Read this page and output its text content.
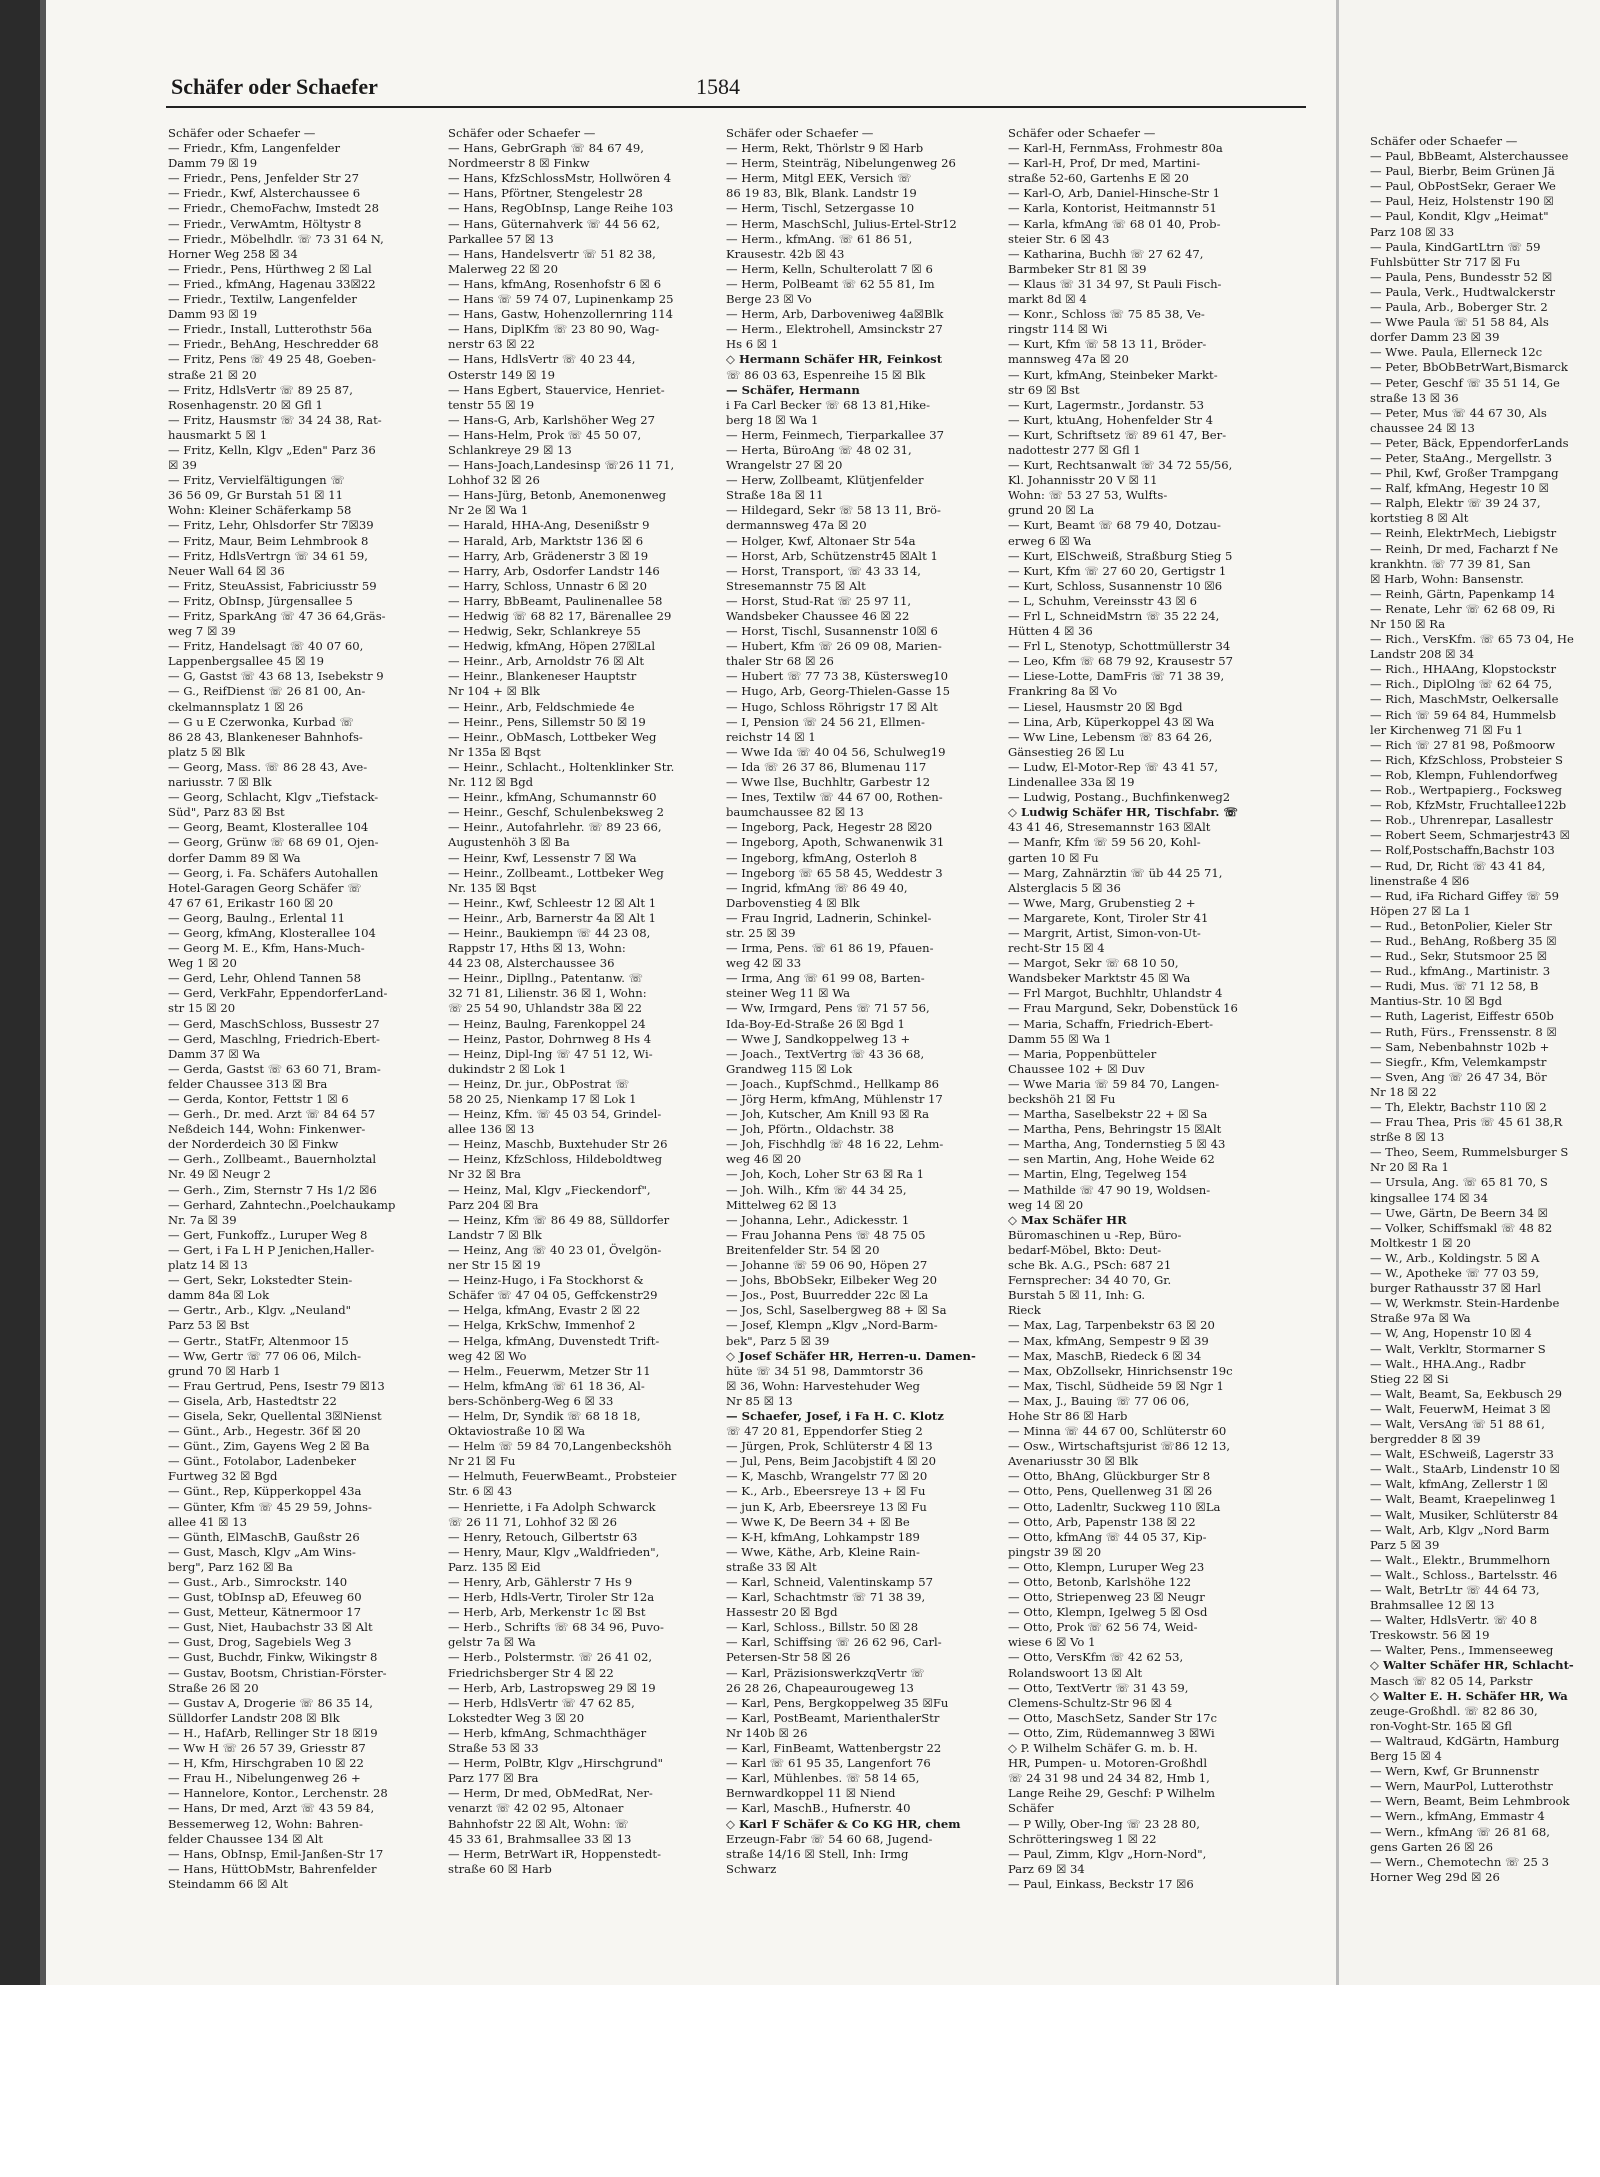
Schäfer oder Schaefer	1584
Schäfer oder Schaefer —
— Friedr., Kfm, Langenfelder
Damm 79 ☒ 19
— Friedr., Pens, Jenfelder Str 27
— Friedr., Kwf, Alsterchaussee 6
— Friedr., ChemoFachw, Imstedt 28
— Friedr., VerwAmtm, Höltystr 8
— Friedr., Möbelhdlr. ☏ 73 31 64 N,
Horner Weg 258 ☒ 34
— Friedr., Pens, Hürthweg 2 ☒ Lal
— Fried., kfmAng, Hagenau 33☒22
— Friedr., Textilw, Langenfelder
Damm 93 ☒ 19
— Friedr., Install, Lutterothstr 56a
— Friedr., BehAng, Heschredder 68
— Fritz, Pens ☏ 49 25 48, Goeben-
straße 21 ☒ 20
— Fritz, HdlsVertr ☏ 89 25 87,
Rosenhagenstr. 20 ☒ Gfl 1
— Fritz, Hausmstr ☏ 34 24 38, Rat-
hausmarkt 5 ☒ 1
— Fritz, Kelln, Klgv „Eden" Parz 36
☒ 39
— Fritz, Vervielfältigungen ☏
36 56 09, Gr Burstah 51 ☒ 11
Wohn: Kleiner Schäferkamp 58
— Fritz, Lehr, Ohlsdorfer Str 7☒39
— Fritz, Maur, Beim Lehmbrook 8
— Fritz, HdlsVertrgn ☏ 34 61 59,
Neuer Wall 64 ☒ 36
— Fritz, SteuAssist, Fabriciusstr 59
— Fritz, ObInsp, Jürgensallee 5
— Fritz, SparkAng ☏ 47 36 64,Gräs-
weg 7 ☒ 39
— Fritz, Handelsagt ☏ 40 07 60,
Lappenbergsallee 45 ☒ 19
— G, Gastst ☏ 43 68 13, Isebekstr 9
— G., ReifDienst ☏ 26 81 00, An-
ckelmannsplatz 1 ☒ 26
— G u E Czerwonka, Kurbad ☏
86 28 43, Blankeneser Bahnhofs-
platz 5 ☒ Blk
— Georg, Mass. ☏ 86 28 43, Ave-
nariusstr. 7 ☒ Blk
— Georg, Schlacht, Klgv „Tiefstack-
Süd", Parz 83 ☒ Bst
— Georg, Beamt, Klosterallee 104
— Georg, Grünw ☏ 68 69 01, Ojen-
dorfer Damm 89 ☒ Wa
— Georg, i. Fa. Schäfers Autohallen
Hotel-Garagen Georg Schäfer ☏
47 67 61, Erikastr 160 ☒ 20
— Georg, Baulng., Erlental 11
— Georg, kfmAng, Klosterallee 104
— Georg M. E., Kfm, Hans-Much-
Weg 1 ☒ 20
— Gerd, Lehr, Ohlend Tannen 58
— Gerd, VerkFahr, EppendorferLand-
str 15 ☒ 20
— Gerd, MaschSchloss, Bussestr 27
— Gerd, Maschlng, Friedrich-Ebert-
Damm 37 ☒ Wa
— Gerda, Gastst ☏ 63 60 71, Bram-
felder Chaussee 313 ☒ Bra
— Gerda, Kontor, Fettstr 1 ☒ 6
— Gerh., Dr. med. Arzt ☏ 84 64 57
Neßdeich 144, Wohn: Finkenwer-
der Norderdeich 30 ☒ Finkw
— Gerh., Zollbeamt., Bauernholztal
Nr. 49 ☒ Neugr 2
— Gerh., Zim, Sternstr 7 Hs 1/2 ☒6
— Gerhard, Zahntechn.,Poelchaukamp
Nr. 7a ☒ 39
— Gert, Funkoffz., Luruper Weg 8
— Gert, i Fa L H P Jenichen,Haller-
platz 14 ☒ 13
— Gert, Sekr, Lokstedter Stein-
damm 84a ☒ Lok
— Gertr., Arb., Klgv. „Neuland"
Parz 53 ☒ Bst
— Gertr., StatFr, Altenmoor 15
— Ww, Gertr ☏ 77 06 06, Milch-
grund 70 ☒ Harb 1
— Frau Gertrud, Pens, Isestr 79 ☒13
— Gisela, Arb, Hastedtstr 22
— Gisela, Sekr, Quellental 3☒Nienst
— Günt., Arb., Hegestr. 36f ☒ 20
— Günt., Zim, Gayens Weg 2 ☒ Ba
— Günt., Fotolabor, Ladenbeker
Furtweg 32 ☒ Bgd
— Günt., Rep, Küpperkoppel 43a
— Günter, Kfm ☏ 45 29 59, Johns-
allee 41 ☒ 13
— Günth, ElMaschB, Gaußstr 26
— Gust, Masch, Klgv „Am Wins-
berg", Parz 162 ☒ Ba
— Gust., Arb., Simrockstr. 140
— Gust, tObInsp aD, Efeuweg 60
— Gust, Metteur, Kätnermoor 17
— Gust, Niet, Haubachstr 33 ☒ Alt
— Gust, Drog, Sagebiels Weg 3
— Gust, Buchdr, Finkw, Wikingstr 8
— Gustav, Bootsm, Christian-Förster-
Straße 26 ☒ 20
— Gustav A, Drogerie ☏ 86 35 14,
Sülldorfer Landstr 208 ☒ Blk
— H., HafArb, Rellinger Str 18 ☒19
— Ww H ☏ 26 57 39, Griesstr 87
— H, Kfm, Hirschgraben 10 ☒ 22
— Frau H., Nibelungenweg 26 +
— Hannelore, Kontor., Lerchenstr. 28
— Hans, Dr med, Arzt ☏ 43 59 84,
Bessemerweg 12, Wohn: Bahren-
felder Chaussee 134 ☒ Alt
— Hans, ObInsp, Emil-Janßen-Str 17
— Hans, HüttObMstr, Bahrenfelder
Steindamm 66 ☒ Alt
Schäfer oder Schaefer —
— Hans, GebrGraph ☏ 84 67 49,
Nordmeerstr 8 ☒ Finkw
— Hans, KfzSchlossMstr, Hollwören 4
— Hans, Pförtner, Stengelestr 28
— Hans, RegObInsp, Lange Reihe 103
— Hans, Güternahverk ☏ 44 56 62,
Parkallee 57 ☒ 13
— Hans, Handelsvertr ☏ 51 82 38,
Malerweg 22 ☒ 20
— Hans, kfmAng, Rosenhofstr 6 ☒ 6
— Hans ☏ 59 74 07, Lupinenkamp 25
— Hans, Gastw, Hohenzollernring 114
— Hans, DiplKfm ☏ 23 80 90, Wag-
nerstr 63 ☒ 22
— Hans, HdlsVertr ☏ 40 23 44,
Osterstr 149 ☒ 19
— Hans Egbert, Stauervice, Henriet-
tenstr 55 ☒ 19
— Hans-G, Arb, Karlshöher Weg 27
— Hans-Helm, Prok ☏ 45 50 07,
Schlankreye 29 ☒ 13
— Hans-Joach,Landesinsp ☏26 11 71,
Lohhof 32 ☒ 26
— Hans-Jürg, Betonb, Anemonenweg
Nr 2e ☒ Wa 1
— Harald, HHA-Ang, Desenißstr 9
— Harald, Arb, Marktstr 136 ☒ 6
— Harry, Arb, Grädenerstr 3 ☒ 19
— Harry, Arb, Osdorfer Landstr 146
— Harry, Schloss, Unnastr 6 ☒ 20
— Harry, BbBeamt, Paulinenallee 58
— Hedwig ☏ 68 82 17, Bärenallee 29
— Hedwig, Sekr, Schlankreye 55
— Hedwig, kfmAng, Höpen 27☒Lal
— Heinr., Arb, Arnoldstr 76 ☒ Alt
— Heinr., Blankeneser Hauptstr
Nr 104 + ☒ Blk
— Heinr., Arb, Feldschmiede 4e
— Heinr., Pens, Sillemstr 50 ☒ 19
— Heinr., ObMasch, Lottbeker Weg
Nr 135a ☒ Bqst
— Heinr., Schlacht., Holtenklinker Str.
Nr. 112 ☒ Bgd
— Heinr., kfmAng, Schumannstr 60
— Heinr., Geschf, Schulenbeksweg 2
— Heinr., Autofahrlehr. ☏ 89 23 66,
Augustenhöh 3 ☒ Ba
— Heinr, Kwf, Lessenstr 7 ☒ Wa
— Heinr., Zollbeamt., Lottbeker Weg
Nr. 135 ☒ Bqst
— Heinr., Kwf, Schleestr 12 ☒ Alt 1
— Heinr., Arb, Barnerstr 4a ☒ Alt 1
— Heinr., Baukiempn ☏ 44 23 08,
Rappstr 17, Hths ☒ 13, Wohn:
44 23 08, Alsterchaussee 36
— Heinr., Dipllng., Patentanw. ☏
32 71 81, Lilienstr. 36 ☒ 1, Wohn:
☏ 25 54 90, Uhlandstr 38a ☒ 22
— Heinz, Baulng, Farenkoppel 24
— Heinz, Pastor, Dohrnweg 8 Hs 4
— Heinz, Dipl-Ing ☏ 47 51 12, Wi-
dukindstr 2 ☒ Lok 1
— Heinz, Dr. jur., ObPostrat ☏
58 20 25, Nienkamp 17 ☒ Lok 1
— Heinz, Kfm. ☏ 45 03 54, Grindel-
allee 136 ☒ 13
— Heinz, Maschb, Buxtehuder Str 26
— Heinz, KfzSchloss, Hildeboldtweg
Nr 32 ☒ Bra
— Heinz, Mal, Klgv „Fieckendorf",
Parz 204 ☒ Bra
— Heinz, Kfm ☏ 86 49 88, Sülldorfer
Landstr 7 ☒ Blk
— Heinz, Ang ☏ 40 23 01, Övelgön-
ner Str 15 ☒ 19
— Heinz-Hugo, i Fa Stockhorst &
Schäfer ☏ 47 04 05, Geffckenstr29
— Helga, kfmAng, Evastr 2 ☒ 22
— Helga, KrkSchw, Immenhof 2
— Helga, kfmAng, Duvenstedt Trift-
weg 42 ☒ Wo
— Helm., Feuerwm, Metzer Str 11
— Helm, kfmAng ☏ 61 18 36, Al-
bers-Schönberg-Weg 6 ☒ 33
— Helm, Dr, Syndik ☏ 68 18 18,
Oktaviostraße 10 ☒ Wa
— Helm ☏ 59 84 70,Langenbeckshöh
Nr 21 ☒ Fu
— Helmuth, FeuerwBeamt., Probsteier
Str. 6 ☒ 43
— Henriette, i Fa Adolph Schwarck
☏ 26 11 71, Lohhof 32 ☒ 26
— Henry, Retouch, Gilbertstr 63
— Henry, Maur, Klgv „Waldfrieden",
Parz. 135 ☒ Eid
— Henry, Arb, Gählerstr 7 Hs 9
— Herb, Hdls-Vertr, Tiroler Str 12a
— Herb, Arb, Merkenstr 1c ☒ Bst
— Herb., Schrifts ☏ 68 34 96, Puvo-
gelstr 7a ☒ Wa
— Herb., Polstermstr. ☏ 26 41 02,
Friedrichsberger Str 4 ☒ 22
— Herb, Arb, Lastropsweg 29 ☒ 19
— Herb, HdlsVertr ☏ 47 62 85,
Lokstedter Weg 3 ☒ 20
— Herb, kfmAng, Schmachthäger
Straße 53 ☒ 33
— Herm, PolBtr, Klgv „Hirschgrund"
Parz 177 ☒ Bra
— Herm, Dr med, ObMedRat, Ner-
venarzt ☏ 42 02 95, Altonaer
Bahnhofstr 22 ☒ Alt, Wohn: ☏
45 33 61, Brahmsallee 33 ☒ 13
— Herm, BetrWart iR, Hoppenstedt-
straße 60 ☒ Harb
Schäfer oder Schaefer —
— Herm, Rekt, Thörlstr 9 ☒ Harb
— Herm, Steinträg, Nibelungenweg 26
— Herm, Mitgl EEK, Versich ☏
86 19 83, Blk, Blank. Landstr 19
— Herm, Tischl, Setzergasse 10
— Herm, MaschSchl, Julius-Ertel-Str12
— Herm., kfmAng. ☏ 61 86 51,
Krausestr. 42b ☒ 43
— Herm, Kelln, Schulterolatt 7 ☒ 6
— Herm, PolBeamt ☏ 62 55 81, Im
Berge 23 ☒ Vo
— Herm, Arb, Darboveniweg 4a☒Blk
— Herm., Elektrohell, Amsinckstr 27
Hs 6 ☒ 1
◇ Hermann Schäfer HR, Feinkost
☏ 86 03 63, Espenreihe 15 ☒ Blk
— Schäfer, Hermann
i Fa Carl Becker ☏ 68 13 81,Hike-
berg 18 ☒ Wa 1
— Herm, Feinmech, Tierparkallee 37
— Herta, BüroAng ☏ 48 02 31,
Wrangelstr 27 ☒ 20
— Herw, Zollbeamt, Klütjenfelder
Straße 18a ☒ 11
— Hildegard, Sekr ☏ 58 13 11, Brö-
dermannsweg 47a ☒ 20
— Holger, Kwf, Altonaer Str 54a
— Horst, Arb, Schützenstr45 ☒Alt 1
— Horst, Transport, ☏ 43 33 14,
Stresemannstr 75 ☒ Alt
— Horst, Stud-Rat ☏ 25 97 11,
Wandsbeker Chaussee 46 ☒ 22
— Horst, Tischl, Susannenstr 10☒ 6
— Hubert, Kfm ☏ 26 09 08, Marien-
thaler Str 68 ☒ 26
— Hubert ☏ 77 73 38, Küstersweg10
— Hugo, Arb, Georg-Thielen-Gasse 15
— Hugo, Schloss Röhrigstr 17 ☒ Alt
— I, Pension ☏ 24 56 21, Ellmen-
reichstr 14 ☒ 1
— Wwe Ida ☏ 40 04 56, Schulweg19
— Ida ☏ 26 37 86, Blumenau 117
— Wwe Ilse, Buchhltr, Garbestr 12
— Ines, Textilw ☏ 44 67 00, Rothen-
baumchaussee 82 ☒ 13
— Ingeborg, Pack, Hegestr 28 ☒20
— Ingeborg, Apoth, Schwanenwik 31
— Ingeborg, kfmAng, Osterloh 8
— Ingeborg ☏ 65 58 45, Weddestr 3
— Ingrid, kfmAng ☏ 86 49 40,
Darbovenstieg 4 ☒ Blk
— Frau Ingrid, Ladnerin, Schinkel-
str. 25 ☒ 39
— Irma, Pens. ☏ 61 86 19, Pfauen-
weg 42 ☒ 33
— Irma, Ang ☏ 61 99 08, Barten-
steiner Weg 11 ☒ Wa
— Ww, Irmgard, Pens ☏ 71 57 56,
Ida-Boy-Ed-Straße 26 ☒ Bgd 1
— Wwe J, Sandkoppelweg 13 +
— Joach., TextVertrg ☏ 43 36 68,
Grandweg 115 ☒ Lok
— Joach., KupfSchmd., Hellkamp 86
— Jörg Herm, kfmAng, Mühlenstr 17
— Joh, Kutscher, Am Knill 93 ☒ Ra
— Joh, Pförtn., Oldachstr. 38
— Joh, Fischhdlg ☏ 48 16 22, Lehm-
weg 46 ☒ 20
— Joh, Koch, Loher Str 63 ☒ Ra 1
— Joh. Wilh., Kfm ☏ 44 34 25,
Mittelweg 62 ☒ 13
— Johanna, Lehr., Adickesstr. 1
— Frau Johanna Pens ☏ 48 75 05
Breitenfelder Str. 54 ☒ 20
— Johanne ☏ 59 06 90, Höpen 27
— Johs, BbObSekr, Eilbeker Weg 20
— Jos., Post, Buurredder 22c ☒ La
— Jos, Schl, Saselbergweg 88 + ☒ Sa
— Josef, Klempn „Klgv „Nord-Barm-
bek", Parz 5 ☒ 39
◇ Josef Schäfer HR, Herren-u. Damen-
hüte ☏ 34 51 98, Dammtorstr 36
☒ 36, Wohn: Harvestehuder Weg
Nr 85 ☒ 13
— Schaefer, Josef, i Fa H. C. Klotz
☏ 47 20 81, Eppendorfer Stieg 2
— Jürgen, Prok, Schlüterstr 4 ☒ 13
— Jul, Pens, Beim Jacobjstift 4 ☒ 20
— K, Maschb, Wrangelstr 77 ☒ 20
— K., Arb., Ebeersreye 13 + ☒ Fu
— jun K, Arb, Ebeersreye 13 ☒ Fu
— Wwe K, De Beern 34 + ☒ Be
— K-H, kfmAng, Lohkampstr 189
— Wwe, Käthe, Arb, Kleine Rain-
straße 33 ☒ Alt
— Karl, Schneid, Valentinskamp 57
— Karl, Schachtmstr ☏ 71 38 39,
Hassestr 20 ☒ Bgd
— Karl, Schloss., Billstr. 50 ☒ 28
— Karl, Schiffsing ☏ 26 62 96, Carl-
Petersen-Str 58 ☒ 26
— Karl, PräzisionswerkzqVertr ☏
26 28 26, Chapeaurougeweg 13
— Karl, Pens, Bergkoppelweg 35 ☒Fu
— Karl, PostBeamt, MarienthalerStr
Nr 140b ☒ 26
— Karl, FinBeamt, Wattenbergstr 22
— Karl ☏ 61 95 35, Langenfort 76
— Karl, Mühlenbes. ☏ 58 14 65,
Bernwardkoppel 11 ☒ Niend
— Karl, MaschB., Hufnerstr. 40
◇ Karl F Schäfer & Co KG HR, chem
Erzeugn-Fabr ☏ 54 60 68, Jugend-
straße 14/16 ☒ Stell, Inh: Irmg
Schwarz
Schäfer oder Schaefer —
— Karl-H, FernmAss, Frohmestr 80a
— Karl-H, Prof, Dr med, Martini-
straße 52-60, Gartenhs E ☒ 20
— Karl-O, Arb, Daniel-Hinsche-Str 1
— Karla, Kontorist, Heitmannstr 51
— Karla, kfmAng ☏ 68 01 40, Prob-
steier Str. 6 ☒ 43
— Katharina, Buchh ☏ 27 62 47,
Barmbeker Str 81 ☒ 39
— Klaus ☏ 31 34 97, St Pauli Fisch-
markt 8d ☒ 4
— Konr., Schloss ☏ 75 85 38, Ve-
ringstr 114 ☒ Wi
— Kurt, Kfm ☏ 58 13 11, Bröder-
mannsweg 47a ☒ 20
— Kurt, kfmAng, Steinbeker Markt-
str 69 ☒ Bst
— Kurt, Lagermstr., Jordanstr. 53
— Kurt, ktuAng, Hohenfelder Str 4
— Kurt, Schriftsetz ☏ 89 61 47, Ber-
nadottestr 277 ☒ Gfl 1
— Kurt, Rechtsanwalt ☏ 34 72 55/56,
Kl. Johannisstr 20 V ☒ 11
Wohn: ☏ 53 27 53, Wulfts-
grund 20 ☒ La
— Kurt, Beamt ☏ 68 79 40, Dotzau-
erweg 6 ☒ Wa
— Kurt, ElSchweiß, Straßburg Stieg 5
— Kurt, Kfm ☏ 27 60 20, Gertigstr 1
— Kurt, Schloss, Susannenstr 10 ☒6
— L, Schuhm, Vereinsstr 43 ☒ 6
— Frl L, SchneidMstrn ☏ 35 22 24,
Hütten 4 ☒ 36
— Frl L, Stenotyp, Schottmüllerstr 34
— Leo, Kfm ☏ 68 79 92, Krausestr 57
— Liese-Lotte, DamFris ☏ 71 38 39,
Frankring 8a ☒ Vo
— Liesel, Hausmstr 20 ☒ Bgd
— Lina, Arb, Küperkoppel 43 ☒ Wa
— Ww Line, Lebensm ☏ 83 64 26,
Gänsestieg 26 ☒ Lu
— Ludw, El-Motor-Rep ☏ 43 41 57,
Lindenallee 33a ☒ 19
— Ludwig, Postang., Buchfinkenweg2
◇ Ludwig Schäfer HR, Tischfabr. ☏
43 41 46, Stresemannstr 163 ☒Alt
— Manfr, Kfm ☏ 59 56 20, Kohl-
garten 10 ☒ Fu
— Marg, Zahnärztin ☏ üb 44 25 71,
Alsterglacis 5 ☒ 36
— Wwe, Marg, Grubenstieg 2 +
— Margarete, Kont, Tiroler Str 41
— Margrit, Artist, Simon-von-Ut-
recht-Str 15 ☒ 4
— Margot, Sekr ☏ 68 10 50,
Wandsbeker Marktstr 45 ☒ Wa
— Frl Margot, Buchhltr, Uhlandstr 4
— Frau Margund, Sekr, Dobenstück 16
— Maria, Schaffn, Friedrich-Ebert-
Damm 55 ☒ Wa 1
— Maria, Poppenbütteler
Chaussee 102 + ☒ Duv
— Wwe Maria ☏ 59 84 70, Langen-
beckshöh 21 ☒ Fu
— Martha, Saselbekstr 22 + ☒ Sa
— Martha, Pens, Behringstr 15 ☒Alt
— Martha, Ang, Tondernstieg 5 ☒ 43
— sen Martin, Ang, Hohe Weide 62
— Martin, Elng, Tegelweg 154
— Mathilde ☏ 47 90 19, Woldsen-
weg 14 ☒ 20
◇ Max Schäfer HR
Büromaschinen u -Rep, Büro-
bedarf-Möbel, Bkto: Deut-
sche Bk. A.G., PSch: 687 21
Fernsprecher: 34 40 70, Gr.
Burstah 5 ☒ 11, Inh: G.
Rieck
— Max, Lag, Tarpenbekstr 63 ☒ 20
— Max, kfmAng, Sempestr 9 ☒ 39
— Max, MaschB, Riedeck 6 ☒ 34
— Max, ObZollsekr, Hinrichsenstr 19c
— Max, Tischl, Südheide 59 ☒ Ngr 1
— Max, J., Bauing ☏ 77 06 06,
Hohe Str 86 ☒ Harb
— Minna ☏ 44 67 00, Schlüterstr 60
— Osw., Wirtschaftsjurist ☏86 12 13,
Avenariusstr 30 ☒ Blk
— Otto, BhAng, Glückburger Str 8
— Otto, Pens, Quellenweg 31 ☒ 26
— Otto, Ladenltr, Suckweg 110 ☒La
— Otto, Arb, Papenstr 138 ☒ 22
— Otto, kfmAng ☏ 44 05 37, Kip-
pingstr 39 ☒ 20
— Otto, Klempn, Luruper Weg 23
— Otto, Betonb, Karlshöhe 122
— Otto, Striepenweg 23 ☒ Neugr
— Otto, Klempn, Igelweg 5 ☒ Osd
— Otto, Prok ☏ 62 56 74, Weid-
wiese 6 ☒ Vo 1
— Otto, VersKfm ☏ 42 62 53,
Rolandswoort 13 ☒ Alt
— Otto, TextVertr ☏ 31 43 59,
Clemens-Schultz-Str 96 ☒ 4
— Otto, MaschSetz, Sander Str 17c
— Otto, Zim, Rüdemannweg 3 ☒Wi
◇ P. Wilhelm Schäfer G. m. b. H.
HR, Pumpen- u. Motoren-Großhdl
☏ 24 31 98 und 24 34 82, Hmb 1,
Lange Reihe 29, Geschf: P Wilhelm
Schäfer
— P Willy, Ober-Ing ☏ 23 28 80,
Schrötteringsweg 1 ☒ 22
— Paul, Zimm, Klgv „Horn-Nord",
Parz 69 ☒ 34
— Paul, Einkass, Beckstr 17 ☒6
Schäfer oder Schaefer —
— Paul, BbBeamt, Alsterchaussee
— Paul, Bierbr, Beim Grünen Jä
— Paul, ObPostSekr, Geraer We
— Paul, Heiz, Holstenstr 190 ☒
— Paul, Kondit, Klgv „Heimat"
Parz 108 ☒ 33
— Paula, KindGartLtrn ☏ 59
Fuhlsbütter Str 717 ☒ Fu
— Paula, Pens, Bundesstr 52 ☒
— Paula, Verk., Hudtwalckerstr
— Paula, Arb., Boberger Str. 2
— Wwe Paula ☏ 51 58 84, Als
dorfer Damm 23 ☒ 39
— Wwe. Paula, Ellerneck 12c
— Peter, BbObBetrWart,Bismarck
— Peter, Geschf ☏ 35 51 14, Ge
straße 13 ☒ 36
— Peter, Mus ☏ 44 67 30, Als
chaussee 24 ☒ 13
— Peter, Bäck, EppendorferLands
— Peter, StaAng., Mergellstr. 3
— Phil, Kwf, Großer Trampgang
— Ralf, kfmAng, Hegestr 10 ☒
— Ralph, Elektr ☏ 39 24 37,
kortstieg 8 ☒ Alt
— Reinh, ElektrMech, Liebigstr
— Reinh, Dr med, Facharzt f Ne
krankhtn. ☏ 77 39 81, San
☒ Harb, Wohn: Bansenstr.
— Reinh, Gärtn, Papenkamp 14
— Renate, Lehr ☏ 62 68 09, Ri
Nr 150 ☒ Ra
— Rich., VersKfm. ☏ 65 73 04, He
Landstr 208 ☒ 34
— Rich., HHAAng, Klopstockstr
— Rich., DiplOlng ☏ 62 64 75,
— Rich, MaschMstr, Oelkersalle
— Rich ☏ 59 64 84, Hummelsb
ler Kirchenweg 71 ☒ Fu 1
— Rich ☏ 27 81 98, Poßmoorw
— Rich, KfzSchloss, Probsteier S
— Rob, Klempn, Fuhlendorfweg
— Rob., Wertpapierg., Focksweg
— Rob, KfzMstr, Fruchtallee122b
— Rob., Uhrenrepar, Lasallestr
— Robert Seem, Schmarjestr43 ☒
— Rolf,Postschaffn,Bachstr 103
— Rud, Dr, Richt ☏ 43 41 84,
linenstraße 4 ☒6
— Rud, iFa Richard Giffey ☏ 59
Höpen 27 ☒ La 1
— Rud., BetonPolier, Kieler Str
— Rud., BehAng, Roßberg 35 ☒
— Rud., Sekr, Stutsmoor 25 ☒
— Rud., kfmAng., Martinistr. 3
— Rudi, Mus. ☏ 71 12 58, B
Mantius-Str. 10 ☒ Bgd
— Ruth, Lagerist, Eiffestr 650b
— Ruth, Fürs., Frenssenstr. 8 ☒
— Sam, Nebenbahnstr 102b +
— Siegfr., Kfm, Velemkampstr
— Sven, Ang ☏ 26 47 34, Bör
Nr 18 ☒ 22
— Th, Elektr, Bachstr 110 ☒ 2
— Frau Thea, Pris ☏ 45 61 38,R
strße 8 ☒ 13
— Theo, Seem, Rummelsburger S
Nr 20 ☒ Ra 1
— Ursula, Ang. ☏ 65 81 70, S
kingsallee 174 ☒ 34
— Uwe, Gärtn, De Beern 34 ☒
— Volker, Schiffsmakl ☏ 48 82
Moltkestr 1 ☒ 20
— W., Arb., Koldingstr. 5 ☒ A
— W., Apotheke ☏ 77 03 59,
burger Rathausstr 37 ☒ Harl
— W, Werkmstr. Stein-Hardenbe
Straße 97a ☒ Wa
— W, Ang, Hopenstr 10 ☒ 4
— Walt, Verkltr, Stormarner S
— Walt., HHA.Ang., Radbr
Stieg 22 ☒ Si
— Walt, Beamt, Sa, Eekbusch 29
— Walt, FeuerwM, Heimat 3 ☒
— Walt, VersAng ☏ 51 88 61,
bergredder 8 ☒ 39
— Walt, ESchweiß, Lagerstr 33
— Walt., StaArb, Lindenstr 10 ☒
— Walt, kfmAng, Zellerstr 1 ☒
— Walt, Beamt, Kraepelinweg 1
— Walt, Musiker, Schlüterstr 84
— Walt, Arb, Klgv „Nord Barm
Parz 5 ☒ 39
— Walt., Elektr., Brummelhorn
— Walt., Schloss., Bartelsstr. 46
— Walt, BetrLtr ☏ 44 64 73,
Brahmsallee 12 ☒ 13
— Walter, HdlsVertr. ☏ 40 8
Treskowstr. 56 ☒ 19
— Walter, Pens., Immenseeweg
◇ Walter Schäfer HR, Schlacht-
Masch ☏ 82 05 14, Parkstr
◇ Walter E. H. Schäfer HR, Wa
zeuge-Großhdl. ☏ 82 86 30,
ron-Voght-Str. 165 ☒ Gfl
— Waltraud, KdGärtn, Hamburg
Berg 15 ☒ 4
— Wern, Kwf, Gr Brunnenstr
— Wern, MaurPol, Lutterothstr
— Wern, Beamt, Beim Lehmbrook
— Wern., kfmAng, Emmastr 4
— Wern., kfmAng ☏ 26 81 68,
gens Garten 26 ☒ 26
— Wern., Chemotechn ☏ 25 3
Horner Weg 29d ☒ 26
